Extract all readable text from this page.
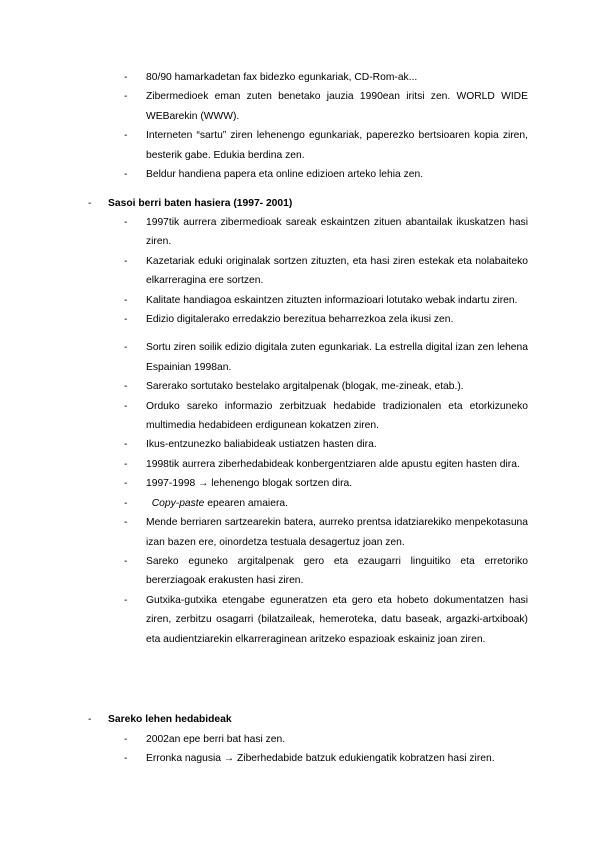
- 80/90 hamarkadetan fax bidezko egunkariak, CD-Rom-ak...
- Zibermedioek eman zuten benetako jauzia 1990ean iritsi zen. WORLD WIDE WEBarekin (WWW).
- Interneten “sartu” ziren lehenengo egunkariak, paperezko bertsioaren kopia ziren, besterik gabe. Edukia berdina zen.
- Beldur handiena papera eta online edizioen arteko lehia zen.
- Sasoi berri baten hasiera (1997- 2001)
- 1997tik aurrera zibermedioak sareak eskaintzen zituen abantailak ikuskatzen hasi ziren.
- Kazetariak eduki originalak sortzen zituzten, eta hasi ziren estekak eta nolabaiteko elkarreragina ere sortzen.
- Kalitate handiagoa eskaintzen zituzten informazioari lotutako webak indartu ziren.
- Edizio digitalerako erredakzio berezitua beharrezkoa zela ikusi zen.
- Sortu ziren soilik edizio digitala zuten egunkariak. La estrella digital izan zen lehena Espainian 1998an.
- Sarerako sortutako bestelako argitalpenak (blogak, me-zineak, etab.).
- Orduko sareko informazio zerbitzuak hedabide tradizionalen eta etorkizuneko multimedia hedabideen erdigunean kokatzen ziren.
- Ikus-entzunezko baliabideak ustiatzen hasten dira.
- 1998tik aurrera ziberhedabideak konbergentziaren alde apustu egiten hasten dira.
- 1997-1998 → lehenengo blogak sortzen dira.
-	Copy-paste epearen amaiera.
- Mende berriaren sartzearekin batera, aurreko prentsa idatziarekiko menpekotasuna izan bazen ere, oinordetza testuala desagertuz joan zen.
- Sareko eguneko argitalpenak gero eta ezaugarri linguitiko eta erretoriko bererziagoak erakusten hasi ziren.
- Gutxika-gutxika etengabe eguneratzen eta gero eta hobeto dokumentatzen hasi ziren, zerbitzu osagarri (bilatzaileak, hemeroteka, datu baseak, argazki-artxiboak) eta audientziarekin elkarreraginean aritzeko espazioak eskainiz joan ziren.
- Sareko lehen hedabideak
- 2002an epe berri bat hasi zen.
- Erronka nagusia → Ziberhedabide batzuk edukiengatik kobratzen hasi ziren.
